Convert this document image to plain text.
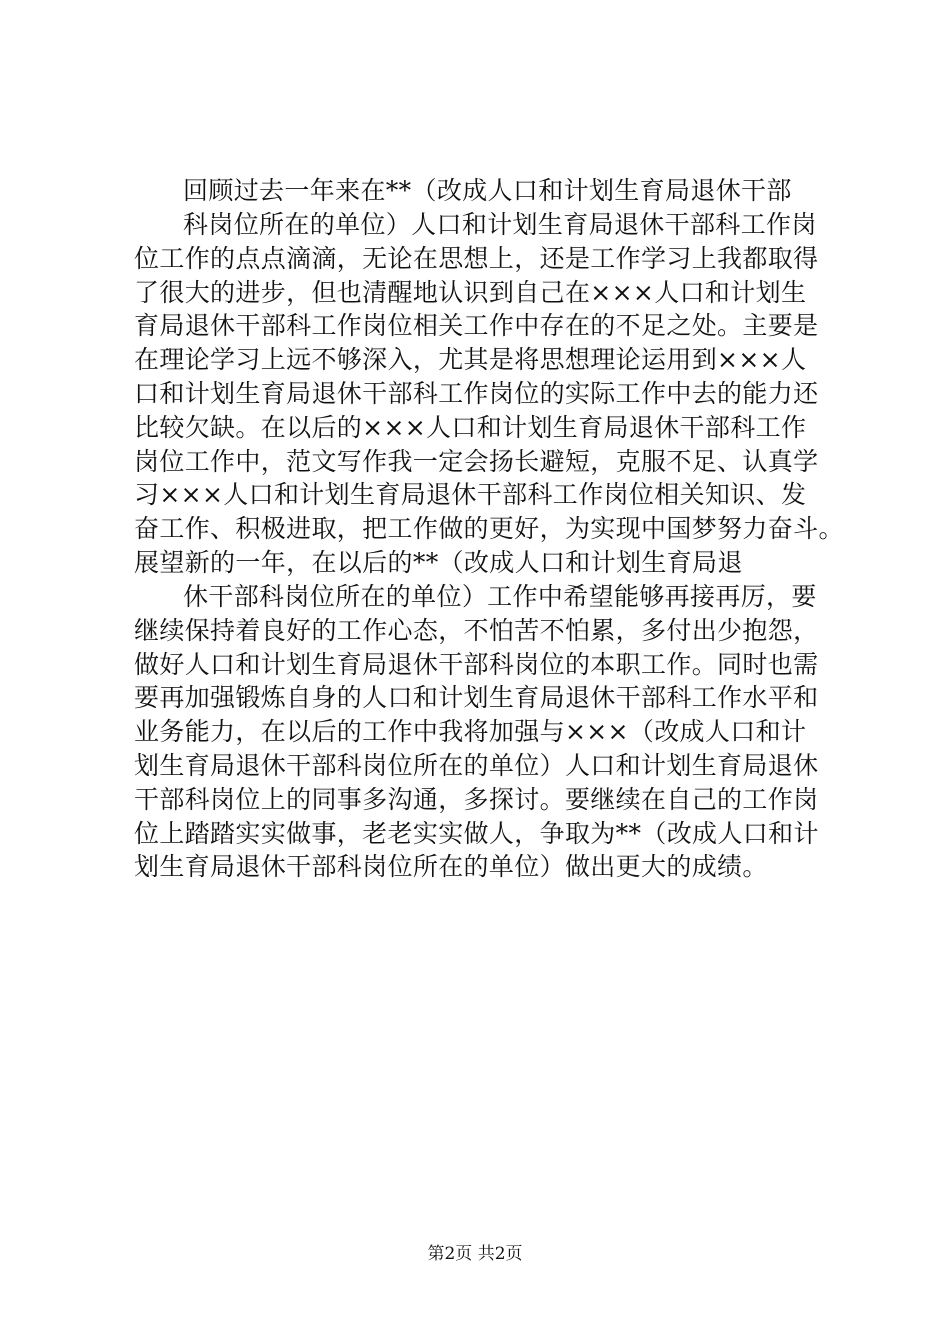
回顾过去一年来在**（改成人口和计划生育局退休干部
科岗位所在的单位）人口和计划生育局退休干部科工作岗
位工作的点点滴滴，无论在思想上，还是工作学习上我都取得
了很大的进步，但也清醒地认识到自己在×××人口和计划生
育局退休干部科工作岗位相关工作中存在的不足之处。主要是
在理论学习上远不够深入，尤其是将思想理论运用到×××人
口和计划生育局退休干部科工作岗位的实际工作中去的能力还
比较欠缺。在以后的×××人口和计划生育局退休干部科工作
岗位工作中，范文写作我一定会扬长避短，克服不足、认真学
习×××人口和计划生育局退休干部科工作岗位相关知识、发
奋工作、积极进取，把工作做的更好，为实现中国梦努力奋斗。
展望新的一年，在以后的**（改成人口和计划生育局退
休干部科岗位所在的单位）工作中希望能够再接再厉，要
继续保持着良好的工作心态，不怕苦不怕累，多付出少抱怨，
做好人口和计划生育局退休干部科岗位的本职工作。同时也需
要再加强锻炼自身的人口和计划生育局退休干部科工作水平和
业务能力，在以后的工作中我将加强与×××（改成人口和计
划生育局退休干部科岗位所在的单位）人口和计划生育局退休
干部科岗位上的同事多沟通，多探讨。要继续在自己的工作岗
位上踏踏实实做事，老老实实做人，争取为**（改成人口和计
划生育局退休干部科岗位所在的单位）做出更大的成绩。
第2页 共2页
